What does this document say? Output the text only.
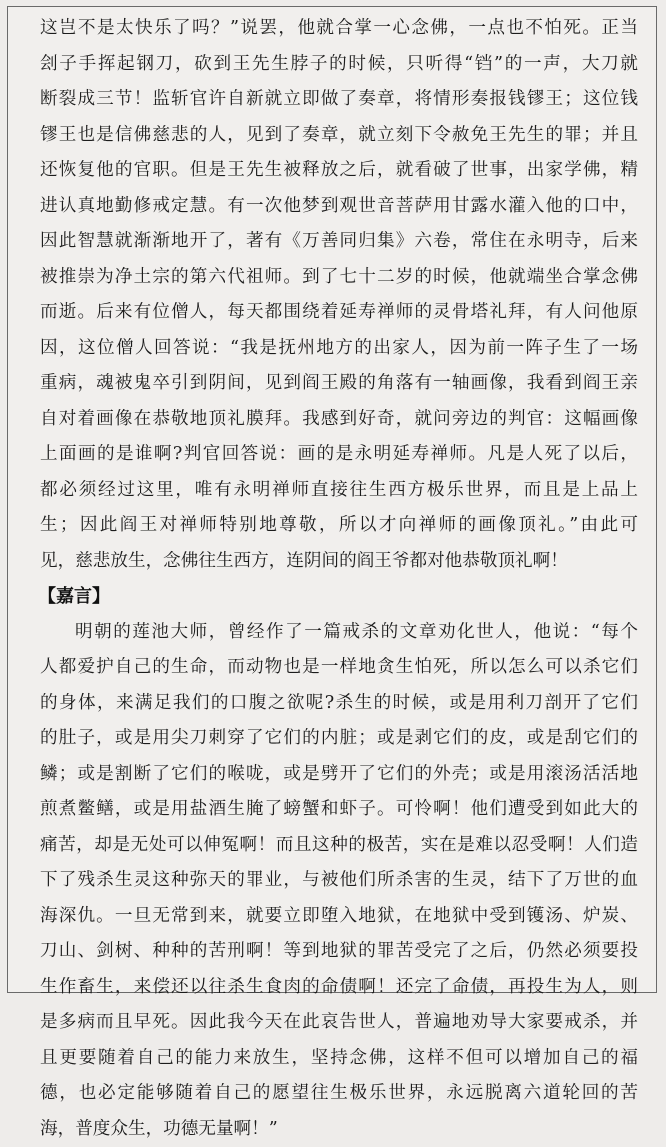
这岂不是太快乐了吗？”说罢，他就合掌一心念佛，一点也不怕死。正当
刽子手挥起钢刀，砍到王先生脖子的时候，只听得“铛”的一声，大刀就
断裂成三节！监斩官许自新就立即做了奏章，将情形奏报钱镠王；这位钱
镠王也是信佛慈悲的人，见到了奏章，就立刻下令赦免王先生的罪；并且
还恢复他的官职。但是王先生被释放之后，就看破了世事，出家学佛，精
进认真地勤修戒定慧。有一次他梦到观世音菩萨用甘露水灌入他的口中，
因此智慧就渐渐地开了，著有《万善同归集》六卷，常住在永明寺，后来
被推崇为净土宗的第六代祖师。到了七十二岁的时候，他就端坐合掌念佛
而逝。后来有位僧人，每天都围绕着延寿禅师的灵骨塔礼拜，有人问他原
因，这位僧人回答说：“我是抚州地方的出家人，因为前一阵子生了一场
重病，魂被鬼卒引到阴间，见到阎王殿的角落有一轴画像，我看到阎王亲
自对着画像在恭敬地顶礼膜拜。我感到好奇，就问旁边的判官：这幅画像
上面画的是谁啊?判官回答说：画的是永明延寿禅师。凡是人死了以后，
都必须经过这里，唯有永明禅师直接往生西方极乐世界，而且是上品上
生；因此阎王对禅师特别地尊敬，所以才向禅师的画像顶礼。”由此可
见，慈悲放生，念佛往生西方，连阴间的阎王爷都对他恭敬顶礼啊！
【嘉言】
明朝的莲池大师，曾经作了一篇戒杀的文章劝化世人，他说：“每个
人都爱护自己的生命，而动物也是一样地贪生怕死，所以怎么可以杀它们
的身体，来满足我们的口腹之欲呢?杀生的时候，或是用利刀剖开了它们
的肚子，或是用尖刀刺穿了它们的内脏；或是剥它们的皮，或是刮它们的
鳞；或是割断了它们的喉咙，或是劈开了它们的外壳；或是用滚汤活活地
煎煮鳖鳝，或是用盐酒生腌了螃蟹和虾子。可怜啊！他们遭受到如此大的
痛苦，却是无处可以伸冤啊！而且这种的极苦，实在是难以忍受啊！人们造
下了残杀生灵这种弥天的罪业，与被他们所杀害的生灵，结下了万世的血
海深仇。一旦无常到来，就要立即堕入地狱，在地狱中受到镬汤、炉炭、
刀山、剑树、种种的苦刑啊！等到地狱的罪苦受完了之后，仍然必须要投
生作畜生，来偿还以往杀生食肉的命债啊！还完了命债，再投生为人，则
是多病而且早死。因此我今天在此哀告世人，普遍地劝导大家要戒杀，并
且更要随着自己的能力来放生，坚持念佛，这样不但可以增加自己的福
德，也必定能够随着自己的愿望往生极乐世界，永远脱离六道轮回的苦
海，普度众生，功德无量啊！”
